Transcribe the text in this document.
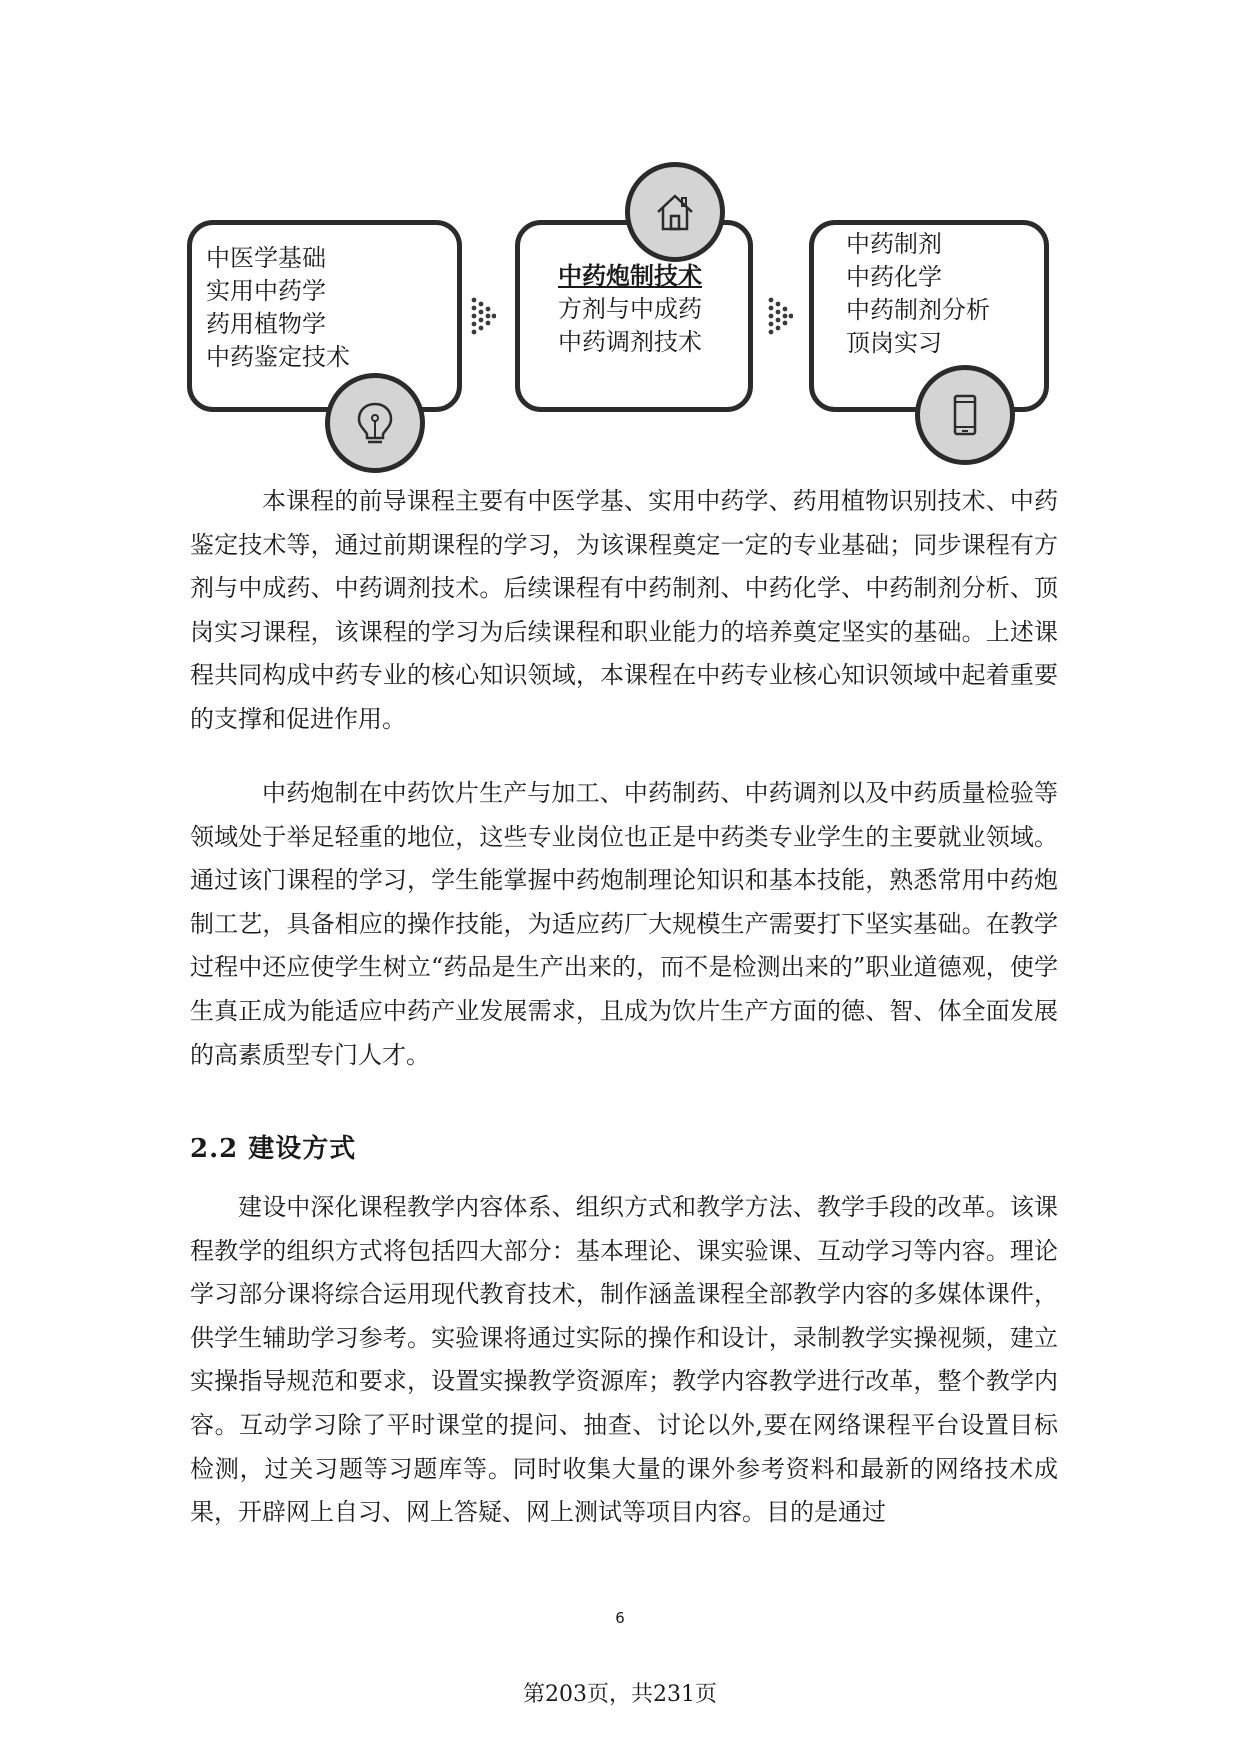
中医学基础
实用中药学
药用植物学
中药鉴定技术
中药炮制技术
方剂与中成药
中药调剂技术
中药制剂
中药化学
中药制剂分析
顶岗实习

本课程的前导课程主要有中医学基、实用中药学、药用植物识别技术、中药鉴定技术等，通过前期课程的学习，为该课程奠定一定的专业基础；同步课程有方剂与中成药、中药调剂技术。后续课程有中药制剂、中药化学、中药制剂分析、顶岗实习课程，该课程的学习为后续课程和职业能力的培养奠定坚实的基础。上述课程共同构成中药专业的核心知识领域，本课程在中药专业核心知识领域中起着重要的支撑和促进作用。

中药炮制在中药饮片生产与加工、中药制药、中药调剂以及中药质量检验等领域处于举足轻重的地位，这些专业岗位也正是中药类专业学生的主要就业领域。通过该门课程的学习，学生能掌握中药炮制理论知识和基本技能，熟悉常用中药炮制工艺，具备相应的操作技能，为适应药厂大规模生产需要打下坚实基础。在教学过程中还应使学生树立“药品是生产出来的，而不是检测出来的”职业道德观，使学生真正成为能适应中药产业发展需求，且成为饮片生产方面的德、智、体全面发展的高素质型专门人才。

2.2 建设方式

建设中深化课程教学内容体系、组织方式和教学方法、教学手段的改革。该课程教学的组织方式将包括四大部分：基本理论、课实验课、互动学习等内容。理论学习部分课将综合运用现代教育技术，制作涵盖课程全部教学内容的多媒体课件，供学生辅助学习参考。实验课将通过实际的操作和设计，录制教学实操视频，建立实操指导规范和要求，设置实操教学资源库；教学内容教学进行改革，整个教学内容。互动学习除了平时课堂的提问、抽查、讨论以外,要在网络课程平台设置目标检测，过关习题等习题库等。同时收集大量的课外参考资料和最新的网络技术成果，开辟网上自习、网上答疑、网上测试等项目内容。目的是通过

6
第203页，共231页
